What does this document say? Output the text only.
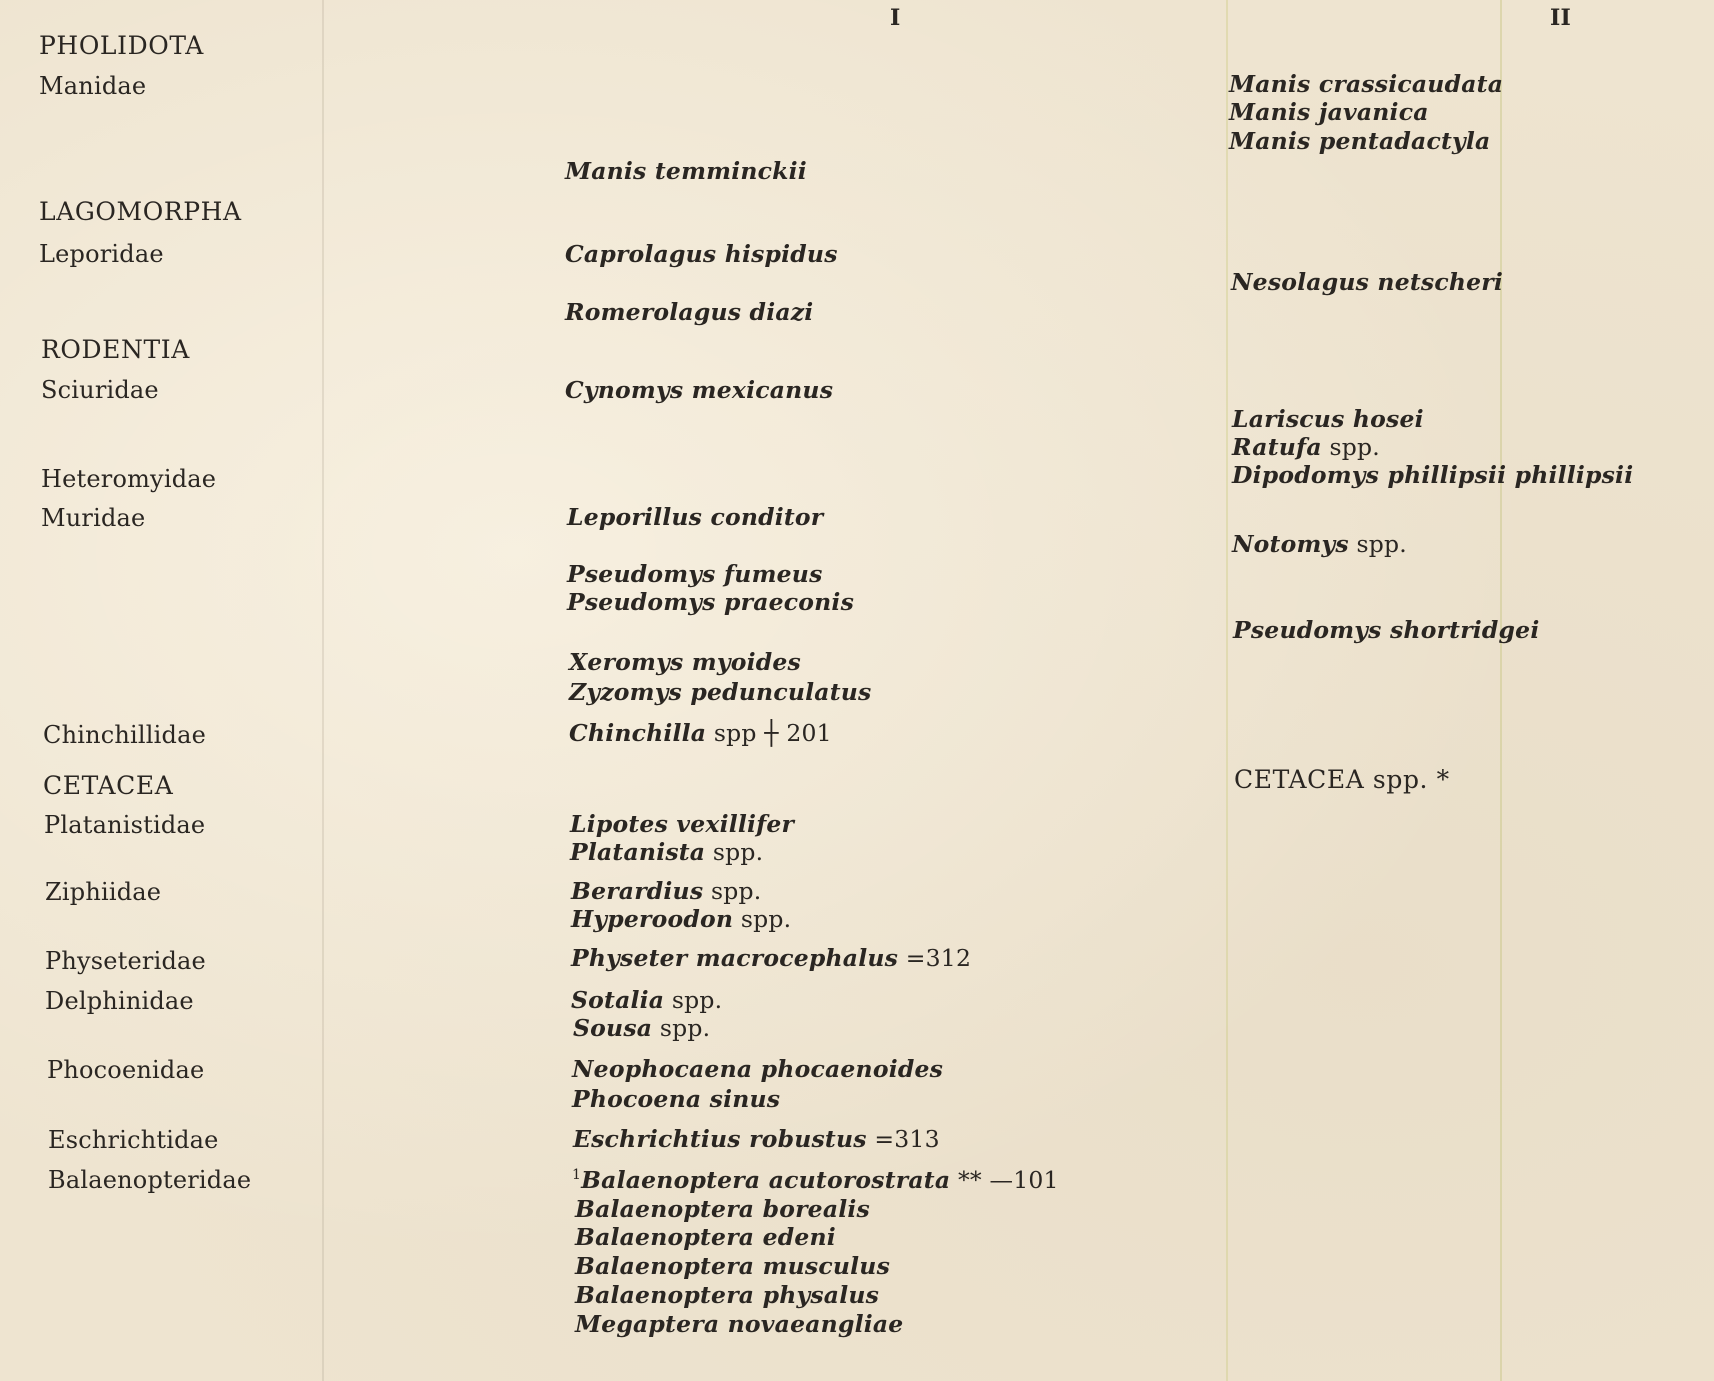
I	II
PHOLIDOTA
Manidae
LAGOMORPHA
Leporidae
RODENTIA
Sciuridae
Heteromyidae
Muridae
Chinchillidae
CETACEA
Platanistidae
Ziphiidae
Physeteridae
Delphinidae
Phocoenidae
Eschrichtidae
Balaenopteridae
Manis temminckii
Caprolagus hispidus
Romerolagus diazi
Cynomys mexicanus
Leporillus conditor
Pseudomys fumeus
Pseudomys praeconis
Xeromys myoides
Zyzomys pedunculatus
Chinchilla spp ┼ 201
Lipotes vexillifer
Platanista spp.
Berardius spp.
Hyperoodon spp.
Physeter macrocephalus =312
Sotalia spp.
Sousa spp.
Neophocaena phocaenoides
Phocoena sinus
Eschrichtius robustus =313
$^1$Balaenoptera acutorostrata ** —101
Balaenoptera borealis
Balaenoptera edeni
Balaenoptera musculus
Balaenoptera physalus
Megaptera novaeangliae
Manis crassicaudata
Manis javanica
Manis pentadactyla
Nesolagus netscheri
Lariscus hosei
Ratufa spp.
Dipodomys phillipsii phillipsii
Notomys spp.
Pseudomys shortridgei
CETACEA spp. *
